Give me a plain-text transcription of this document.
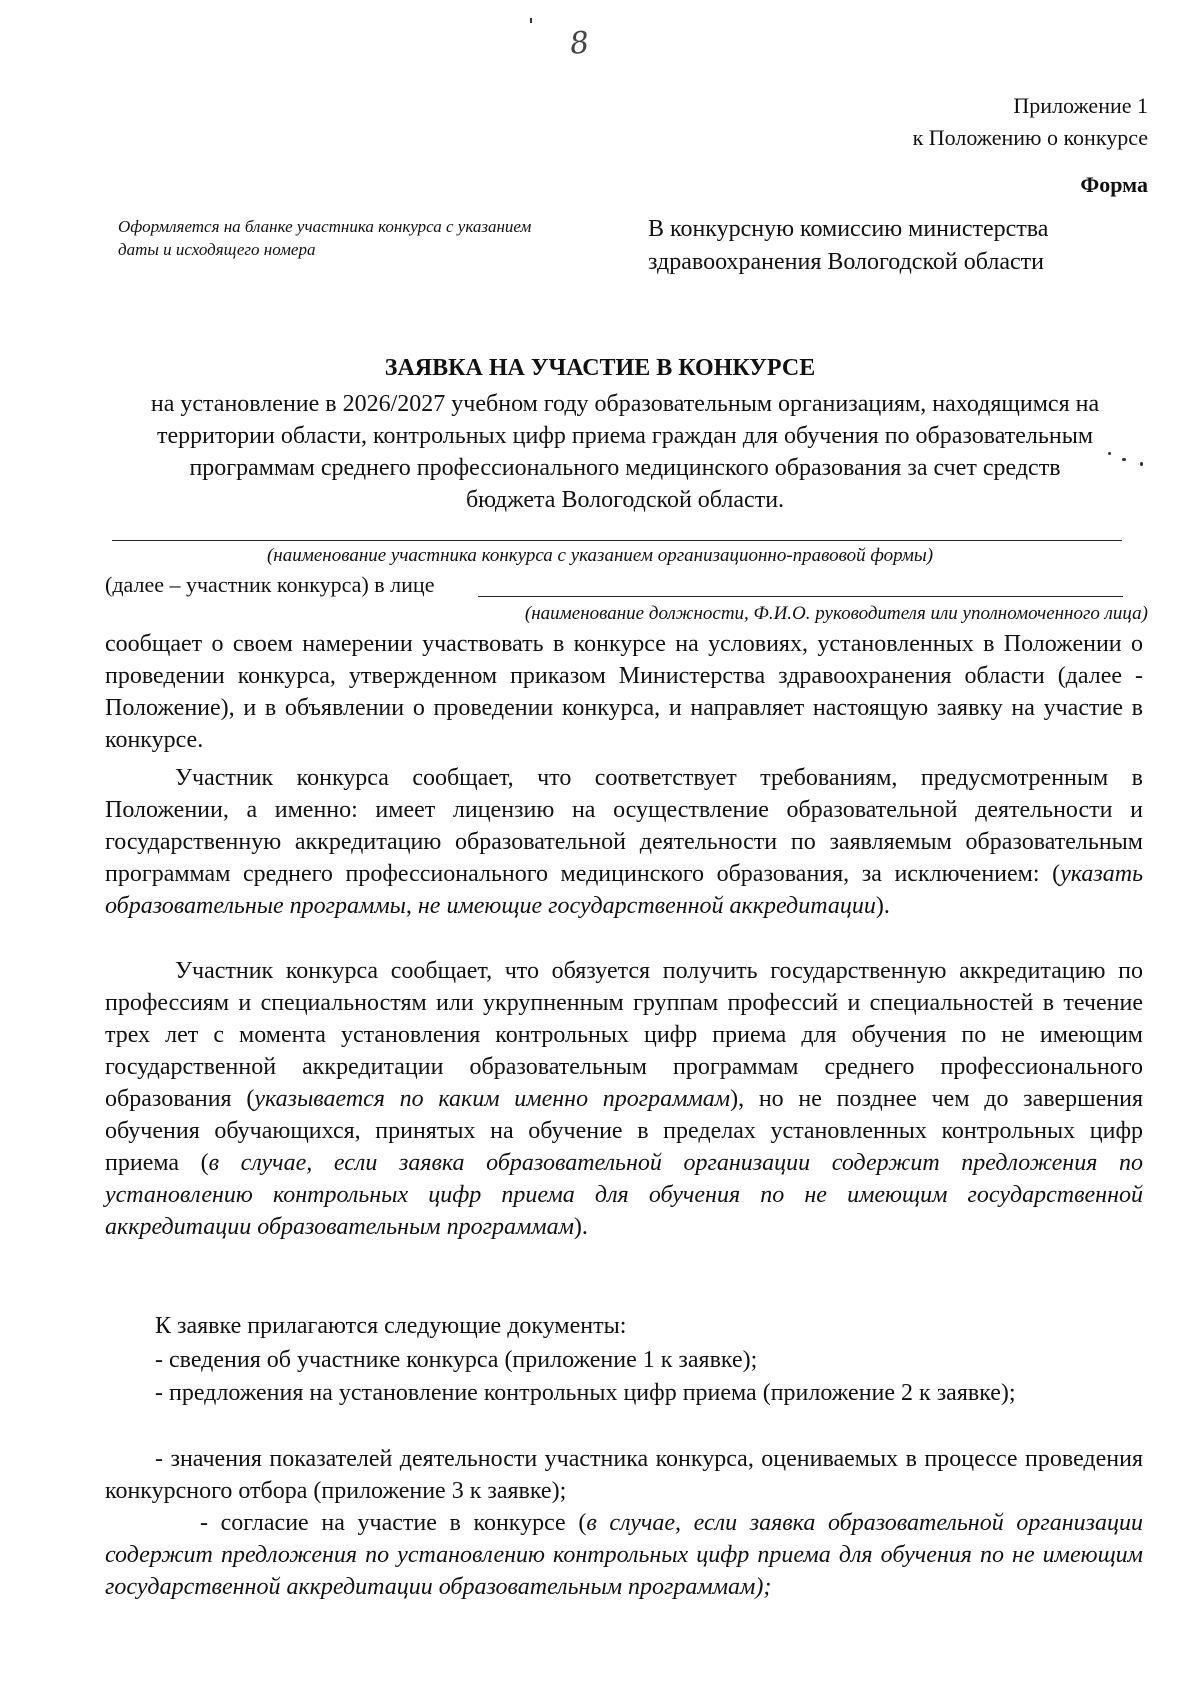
8
Приложение 1
к Положению о конкурсе
Форма
Оформляется на бланке участника конкурса с указанием даты и исходящего номера
В конкурсную комиссию министерства
здравоохранения Вологодской области
ЗАЯВКА НА УЧАСТИЕ В КОНКУРСЕ
на установление в 2026/2027 учебном году образовательным организациям, находящимся на территории области, контрольных цифр приема граждан для обучения по образовательным программам среднего профессионального медицинского образования за счет средств бюджета Вологодской области.
(наименование участника конкурса с указанием организационно-правовой формы)
(далее – участник конкурса) в лице
(наименование должности, Ф.И.О. руководителя или уполномоченного лица)
сообщает о своем намерении участвовать в конкурсе на условиях, установленных в Положении о проведении конкурса, утвержденном приказом Министерства здравоохранения области (далее - Положение), и в объявлении о проведении конкурса, и направляет настоящую заявку на участие в конкурсе.
Участник конкурса сообщает, что соответствует требованиям, предусмотренным в Положении, а именно: имеет лицензию на осуществление образовательной деятельности и государственную аккредитацию образовательной деятельности по заявляемым образовательным программам среднего профессионального медицинского образования, за исключением: (указать образовательные программы, не имеющие государственной аккредитации).
Участник конкурса сообщает, что обязуется получить государственную аккредитацию по профессиям и специальностям или укрупненным группам профессий и специальностей в течение трех лет с момента установления контрольных цифр приема для обучения по не имеющим государственной аккредитации образовательным программам среднего профессионального образования (указывается по каким именно программам), но не позднее чем до завершения обучения обучающихся, принятых на обучение в пределах установленных контрольных цифр приема (в случае, если заявка образовательной организации содержит предложения по установлению контрольных цифр приема для обучения по не имеющим государственной аккредитации образовательным программам).
К заявке прилагаются следующие документы:
- сведения об участнике конкурса (приложение 1 к заявке);
- предложения на установление контрольных цифр приема (приложение 2 к заявке);
- значения показателей деятельности участника конкурса, оцениваемых в процессе проведения конкурсного отбора (приложение 3 к заявке);
- согласие на участие в конкурсе (в случае, если заявка образовательной организации содержит предложения по установлению контрольных цифр приема для обучения по не имеющим государственной аккредитации образовательным программам);
